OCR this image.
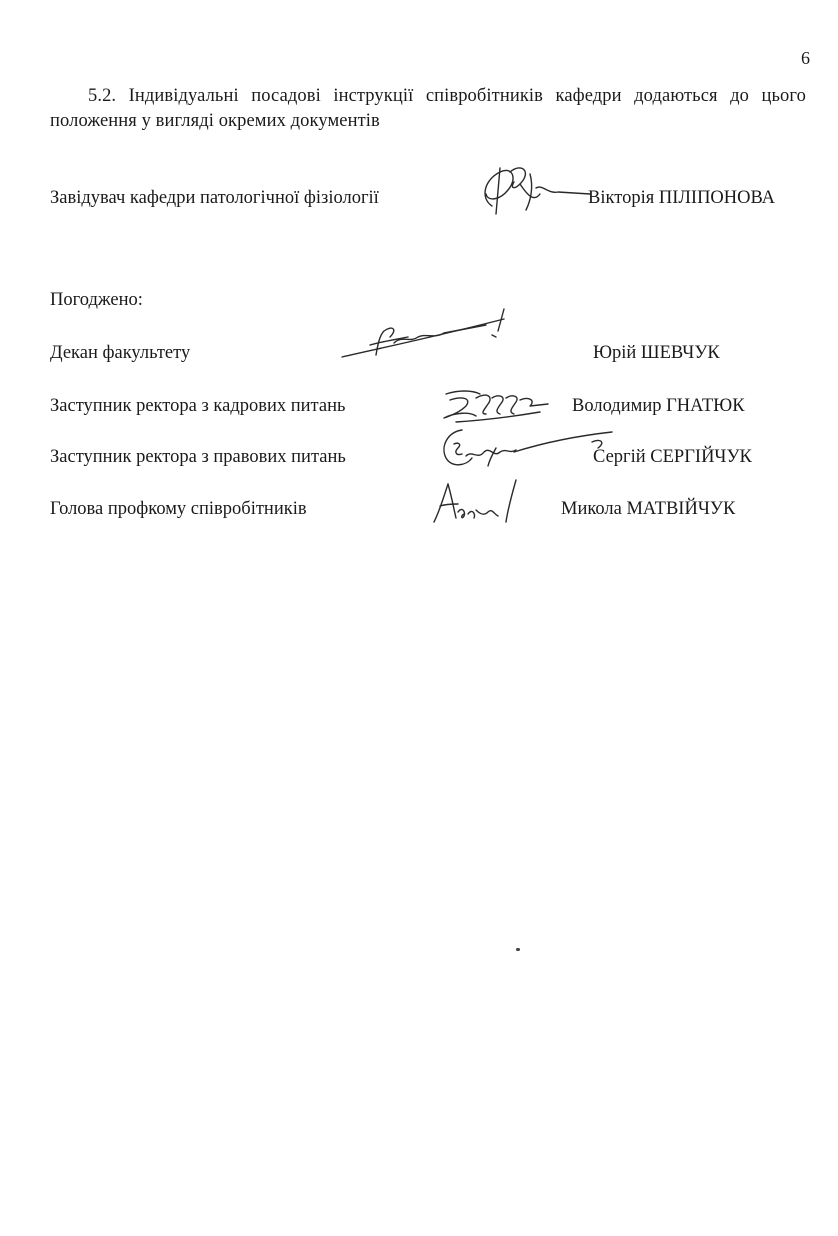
6
5.2. Індивідуальні посадові інструкції співробітників кафедри додаються до цього положення у вигляді окремих документів
Завідувач кафедри патологічної фізіології	Вікторія ПІЛІПОНОВА
Погоджено:
Декан факультету	Юрій ШЕВЧУК
Заступник ректора з кадрових питань	Володимир ГНАТЮК
Заступник ректора з правових питань	Сергій СЕРГІЙЧУК
Голова профкому співробітників	Микола МАТВІЙЧУК
